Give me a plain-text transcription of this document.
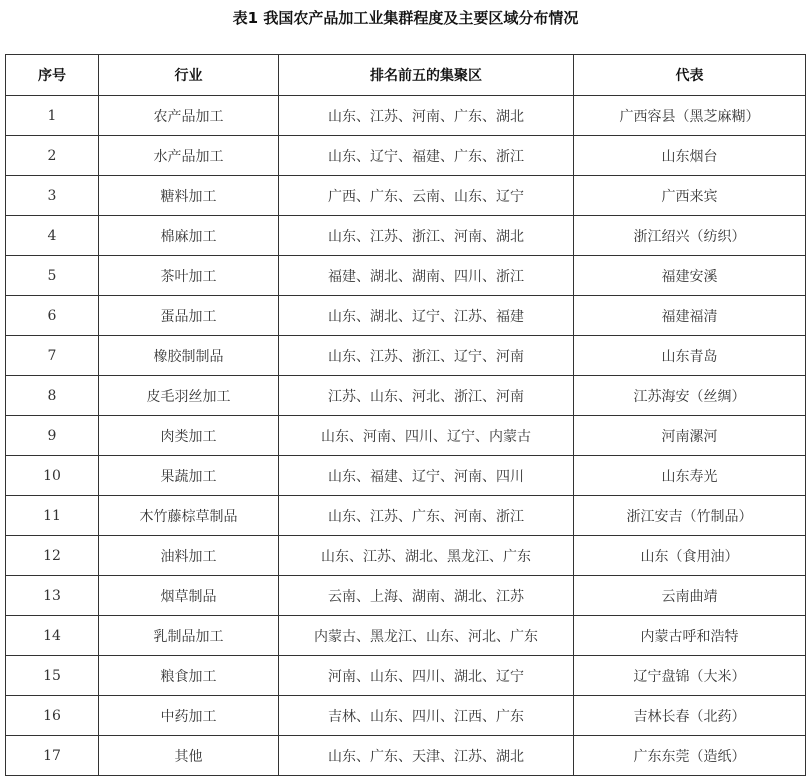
表1 我国农产品加工业集群程度及主要区域分布情况
序号	行业	排名前五的集聚区	代表
1	农产品加工	山东、江苏、河南、广东、湖北	广西容县（黑芝麻糊）
2	水产品加工	山东、辽宁、福建、广东、浙江	山东烟台
3	糖料加工	广西、广东、云南、山东、辽宁	广西来宾
4	棉麻加工	山东、江苏、浙江、河南、湖北	浙江绍兴（纺织）
5	茶叶加工	福建、湖北、湖南、四川、浙江	福建安溪
6	蛋品加工	山东、湖北、辽宁、江苏、福建	福建福清
7	橡胶制制品	山东、江苏、浙江、辽宁、河南	山东青岛
8	皮毛羽丝加工	江苏、山东、河北、浙江、河南	江苏海安（丝绸）
9	肉类加工	山东、河南、四川、辽宁、内蒙古	河南漯河
10	果蔬加工	山东、福建、辽宁、河南、四川	山东寿光
11	木竹藤棕草制品	山东、江苏、广东、河南、浙江	浙江安吉（竹制品）
12	油料加工	山东、江苏、湖北、黑龙江、广东	山东（食用油）
13	烟草制品	云南、上海、湖南、湖北、江苏	云南曲靖
14	乳制品加工	内蒙古、黑龙江、山东、河北、广东	内蒙古呼和浩特
15	粮食加工	河南、山东、四川、湖北、辽宁	辽宁盘锦（大米）
16	中药加工	吉林、山东、四川、江西、广东	吉林长春（北药）
17	其他	山东、广东、天津、江苏、湖北	广东东莞（造纸）
